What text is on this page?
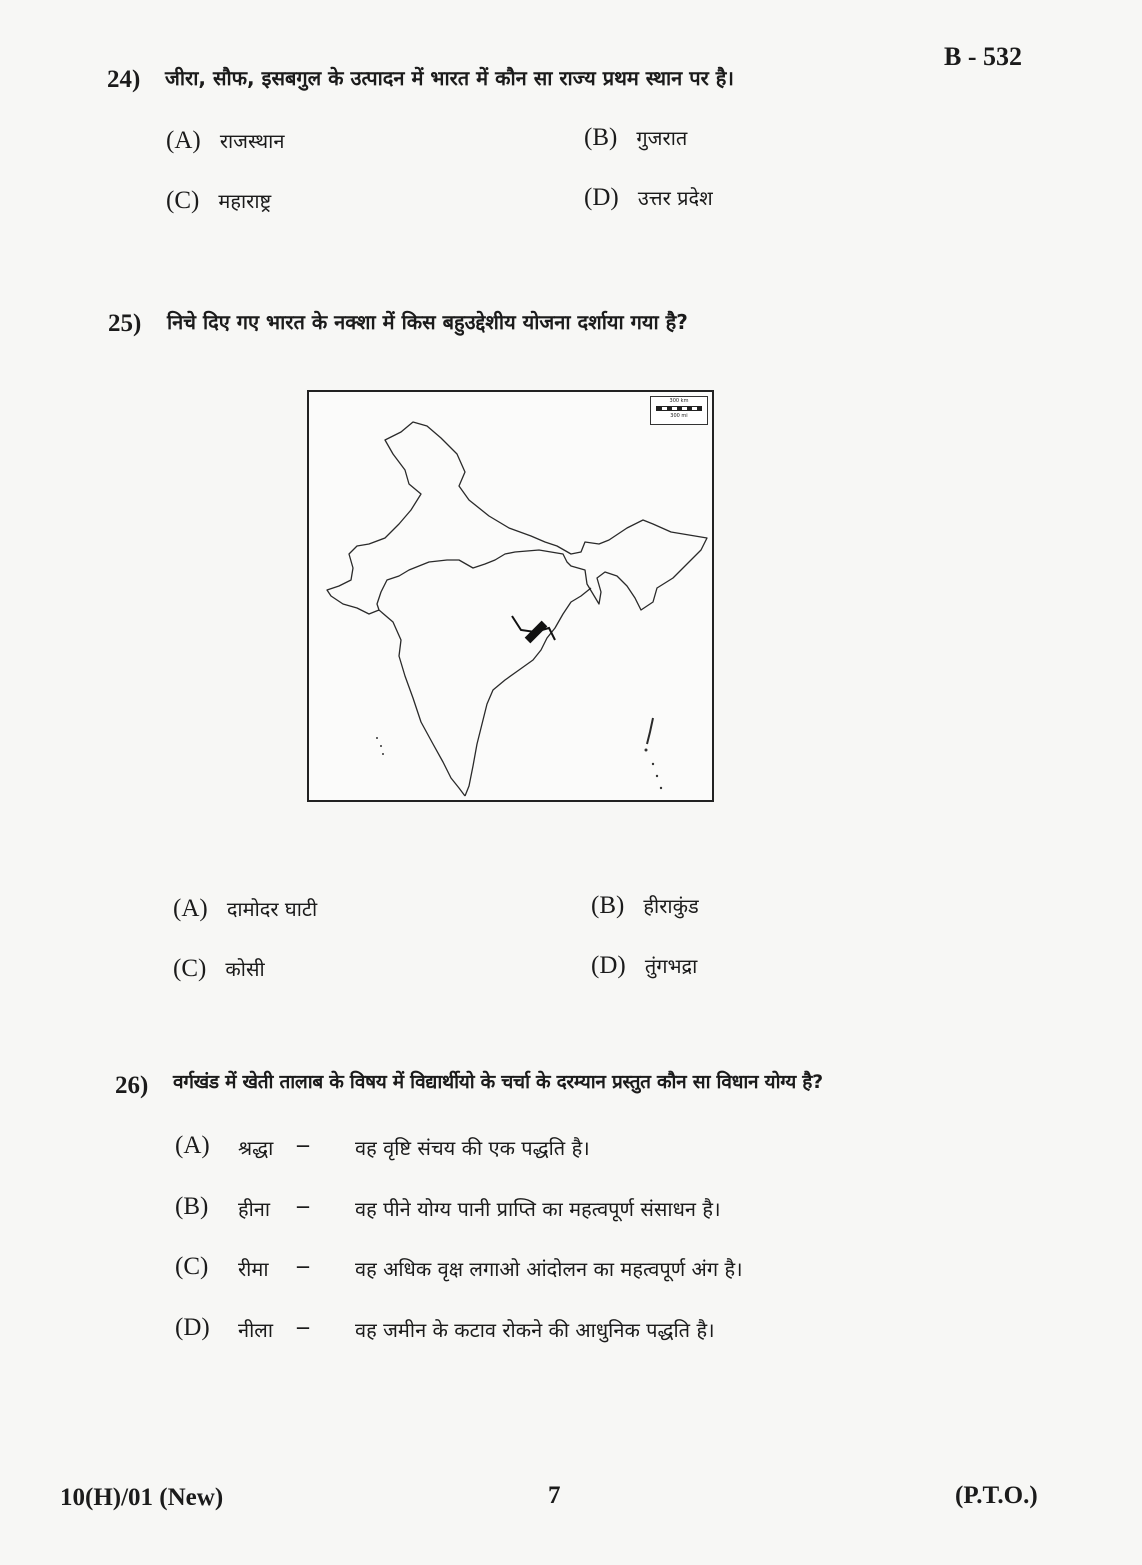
B - 532
24) जीरा, सौफ, इसबगुल के उत्पादन में भारत में कौन सा राज्य प्रथम स्थान पर है।
(A) राजस्थान	(B) गुजरात
(C) महाराष्ट्र	(D) उत्तर प्रदेश
25) निचे दिए गए भारत के नक्शा में किस बहुउद्देशीय योजना दर्शाया गया है?
300 km
300 mi
(A) दामोदर घाटी	(B) हीराकुंड
(C) कोसी	(D) तुंगभद्रा
26) वर्गखंड में खेती तालाब के विषय में विद्यार्थीयो के चर्चा के दरम्यान प्रस्तुत कौन सा विधान योग्य है?
(A) श्रद्धा – वह वृष्टि संचय की एक पद्धति है।
(B) हीना – वह पीने योग्य पानी प्राप्ति का महत्वपूर्ण संसाधन है।
(C) रीमा – वह अधिक वृक्ष लगाओ आंदोलन का महत्वपूर्ण अंग है।
(D) नीला – वह जमीन के कटाव रोकने की आधुनिक पद्धति है।
10(H)/01 (New)	7	(P.T.O.)
